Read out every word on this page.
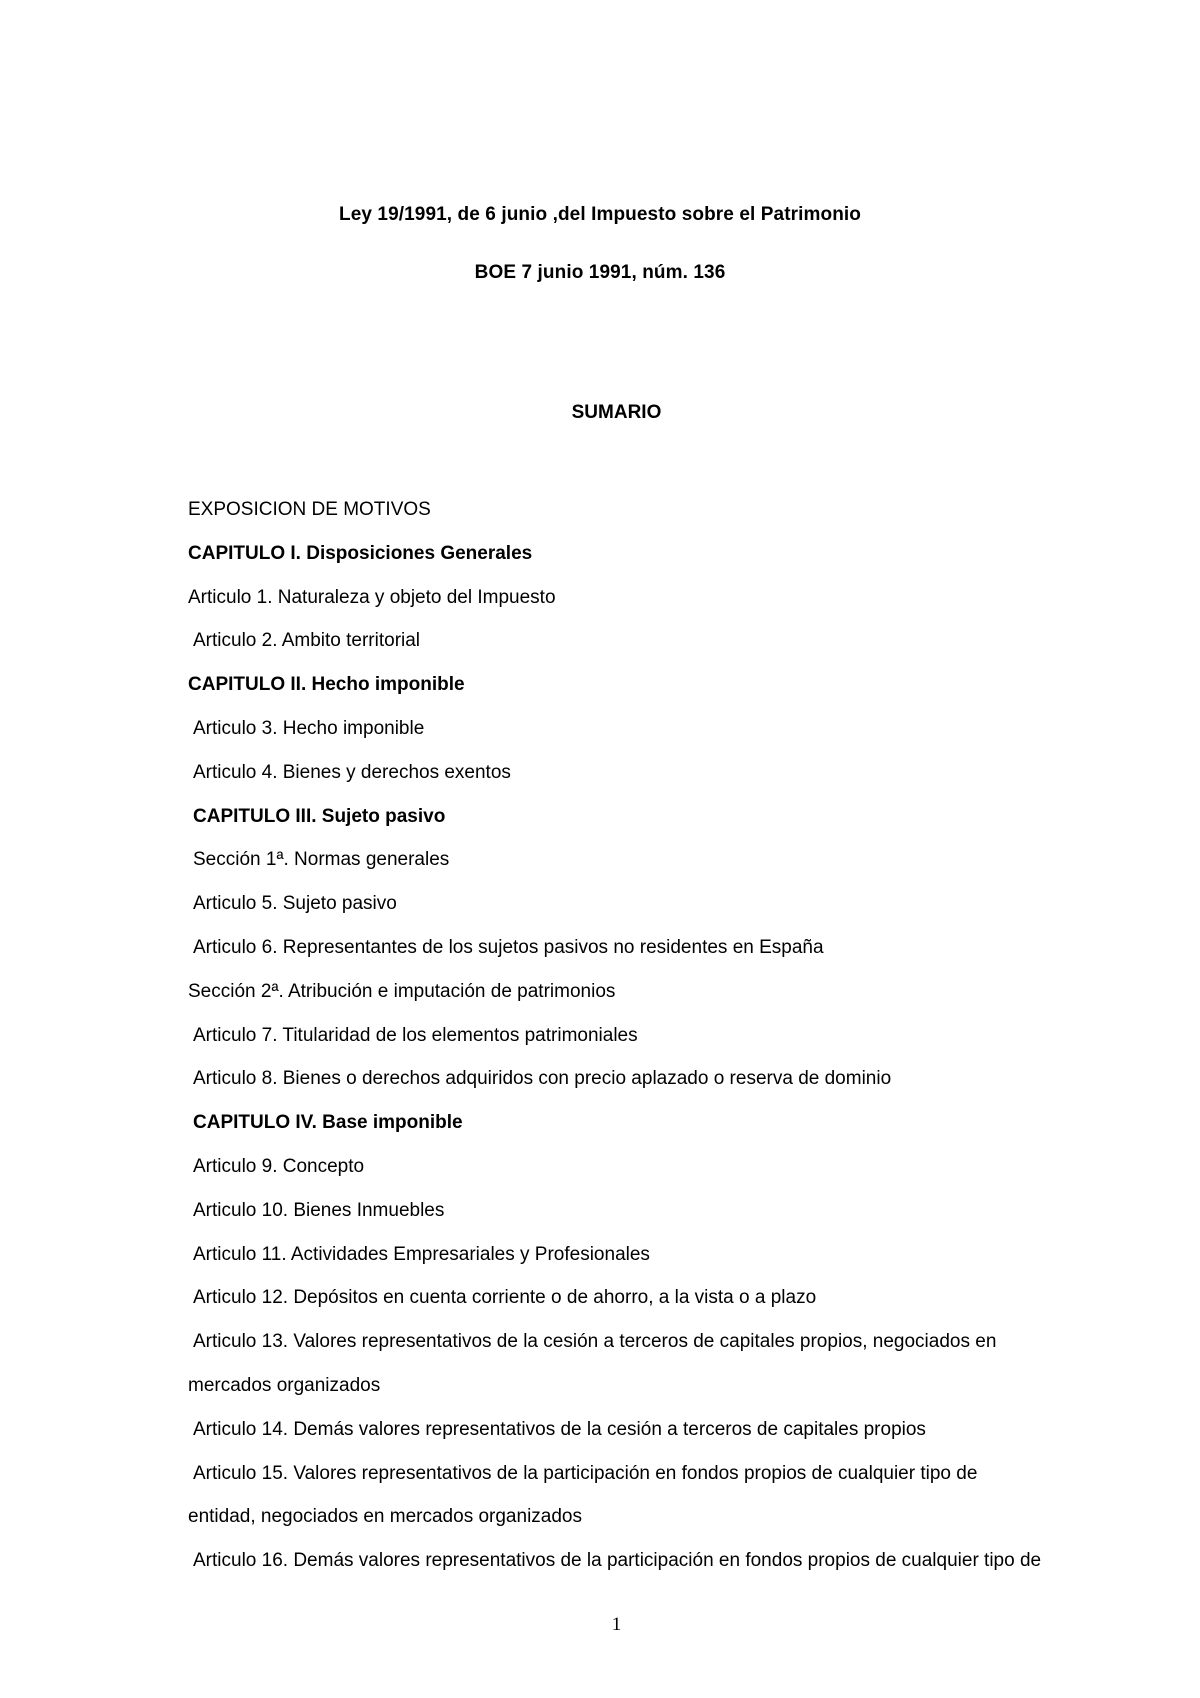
Ley 19/1991, de 6 junio ,del Impuesto sobre el Patrimonio
BOE 7 junio 1991, núm. 136
SUMARIO
EXPOSICION DE MOTIVOS
CAPITULO I. Disposiciones Generales
Articulo 1. Naturaleza y objeto del Impuesto
Articulo 2. Ambito territorial
CAPITULO II. Hecho imponible
Articulo 3. Hecho imponible
Articulo 4. Bienes y derechos exentos
CAPITULO III. Sujeto pasivo
Sección 1ª. Normas generales
Articulo 5. Sujeto pasivo
Articulo 6. Representantes de los sujetos pasivos no residentes en España
Sección 2ª. Atribución e imputación de patrimonios
Articulo 7. Titularidad de los elementos patrimoniales
Articulo 8. Bienes o derechos adquiridos con precio aplazado o reserva de dominio
CAPITULO IV. Base imponible
Articulo 9. Concepto
Articulo 10. Bienes Inmuebles
Articulo 11. Actividades Empresariales y Profesionales
Articulo 12. Depósitos en cuenta corriente o de ahorro, a la vista o a plazo
Articulo 13. Valores representativos de la cesión a terceros de capitales propios, negociados en
mercados organizados
Articulo 14. Demás valores representativos de la cesión a terceros de capitales propios
Articulo 15. Valores representativos de la participación en fondos propios de cualquier tipo de
entidad, negociados en mercados organizados
Articulo 16. Demás valores representativos de la participación en fondos propios de cualquier tipo de
1
